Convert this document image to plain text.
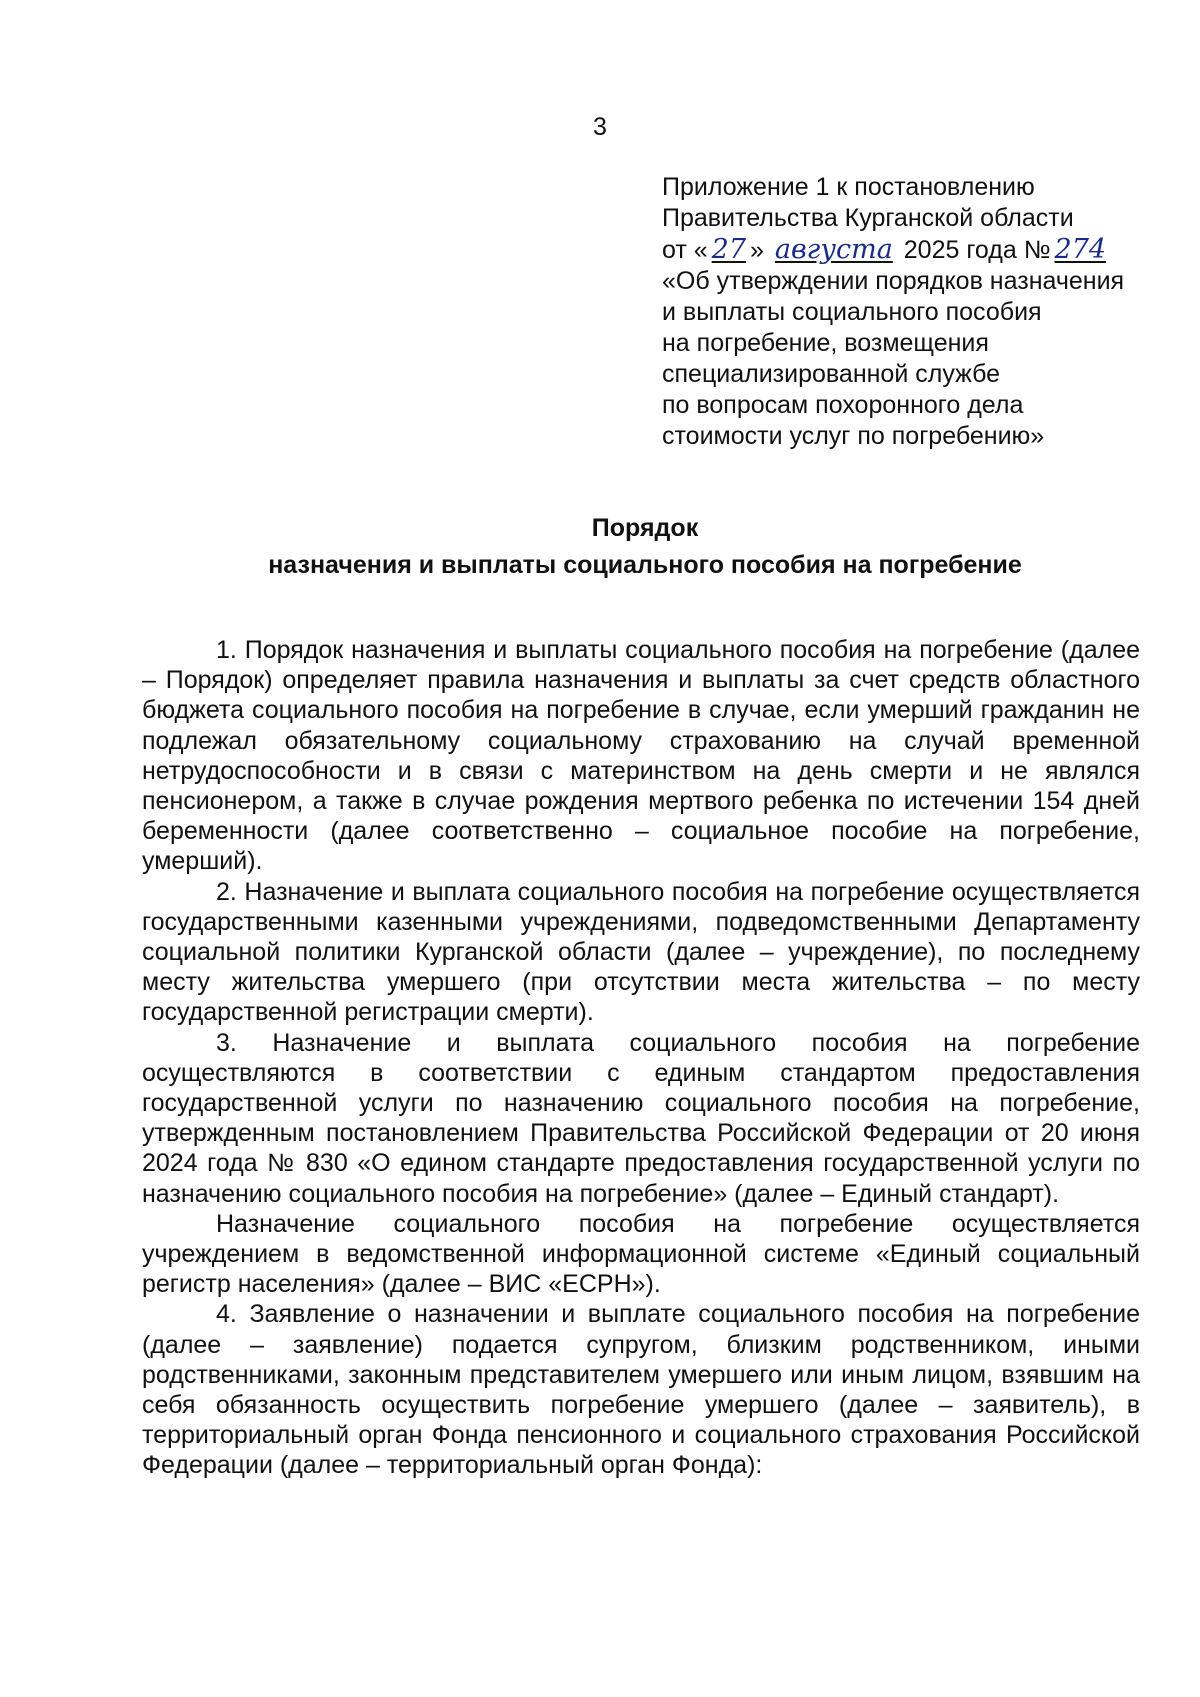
3
Приложение 1 к постановлению
Правительства Курганской области
от « 27 » августа 2025 года № 274
«Об утверждении порядков назначения
и выплаты социального пособия
на погребение, возмещения
специализированной службе
по вопросам похоронного дела
стоимости услуг по погребению»
Порядок
назначения и выплаты социального пособия на погребение

1. Порядок назначения и выплаты социального пособия на погребение (далее – Порядок) определяет правила назначения и выплаты за счет средств областного бюджета социального пособия на погребение в случае, если умерший гражданин не подлежал обязательному социальному страхованию на случай временной нетрудоспособности и в связи с материнством на день смерти и не являлся пенсионером, а также в случае рождения мертвого ребенка по истечении 154 дней беременности (далее соответственно – социальное пособие на погребение, умерший).

2. Назначение и выплата социального пособия на погребение осуществляется государственными казенными учреждениями, подведомственными Департаменту социальной политики Курганской области (далее – учреждение), по последнему месту жительства умершего (при отсутствии места жительства – по месту государственной регистрации смерти).

3. Назначение и выплата социального пособия на погребение осуществляются в соответствии с единым стандартом предоставления государственной услуги по назначению социального пособия на погребение, утвержденным постановлением Правительства Российской Федерации от 20 июня 2024 года № 830 «О едином стандарте предоставления государственной услуги по назначению социального пособия на погребение» (далее – Единый стандарт).

Назначение социального пособия на погребение осуществляется учреждением в ведомственной информационной системе «Единый социальный регистр населения» (далее – ВИС «ЕСРН»).

4. Заявление о назначении и выплате социального пособия на погребение (далее – заявление) подается супругом, близким родственником, иными родственниками, законным представителем умершего или иным лицом, взявшим на себя обязанность осуществить погребение умершего (далее – заявитель), в территориальный орган Фонда пенсионного и социального страхования Российской Федерации (далее – территориальный орган Фонда):
